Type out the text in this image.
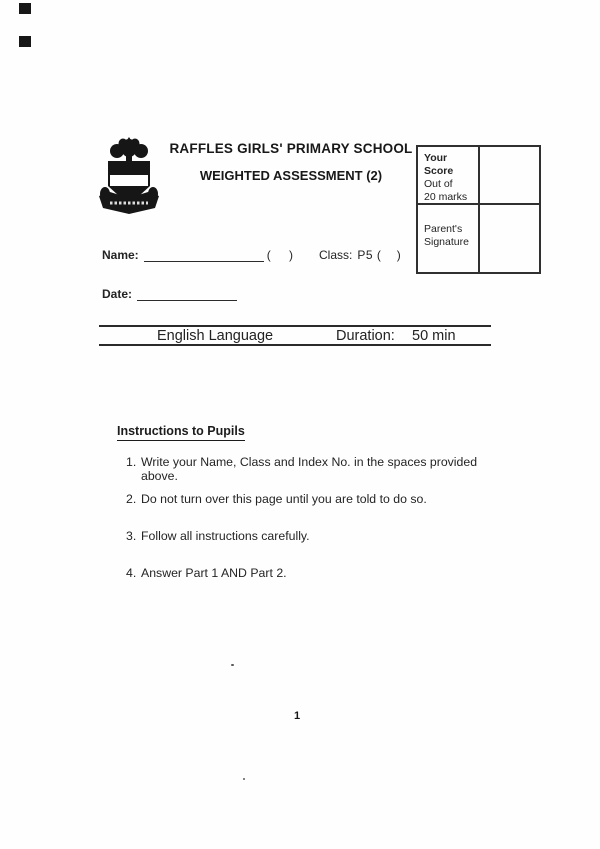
RAFFLES GIRLS' PRIMARY SCHOOL
WEIGHTED ASSESSMENT (2)
Your
Score
Out of
20 marks
Parent's
Signature
Name:	(    ) Class: P5 (    )
Date:
English Language	Duration: 50 min
Instructions to Pupils
1. Write your Name, Class and Index No. in the spaces provided above.
2. Do not turn over this page until you are told to do so.
3. Follow all instructions carefully.
4. Answer Part 1 AND Part 2.
1
